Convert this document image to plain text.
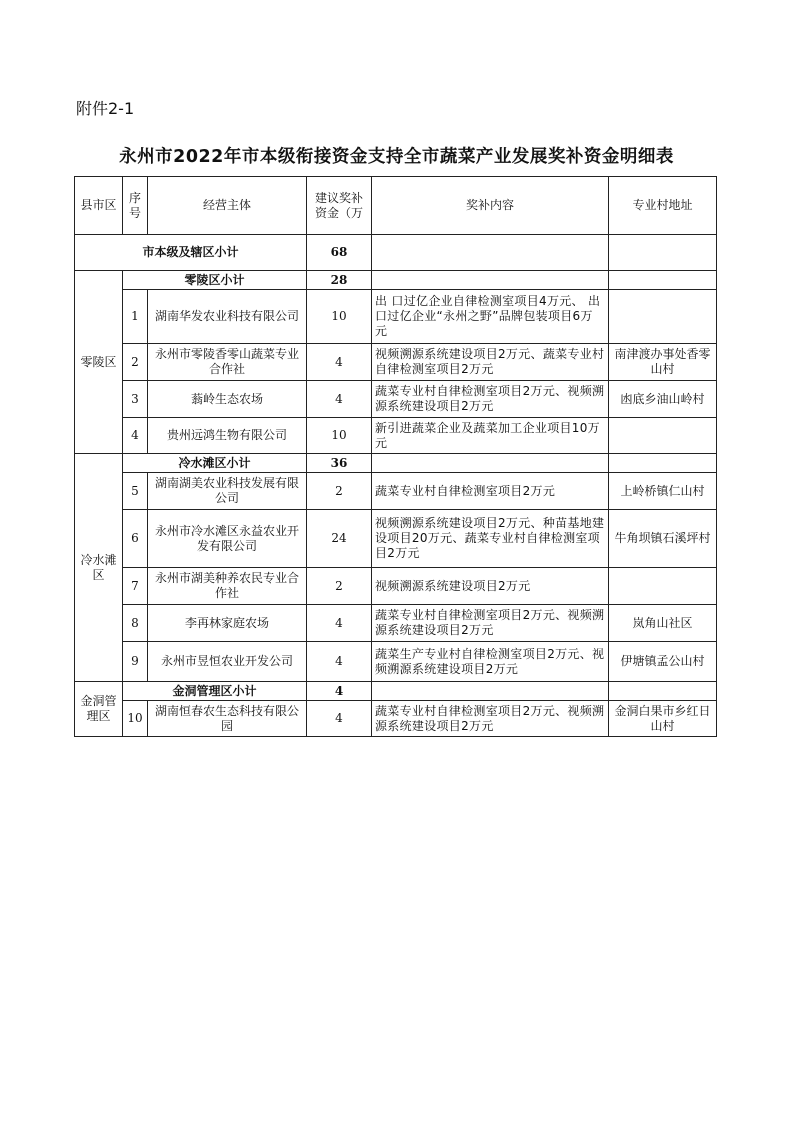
附件2-1
永州市2022年市本级衔接资金支持全市蔬菜产业发展奖补资金明细表
县市区	序号	经营主体	建议奖补资金（万	奖补内容	专业村地址
市本级及辖区小计			68		
零陵区	零陵区小计		28		
	1	湖南华发农业科技有限公司	10	出 口过亿企业自律检测室项目4万元、 出 口过亿企业“永州之野”品牌包装项目6万元	
	2	永州市零陵香零山蔬菜专业合作社	4	视频溯源系统建设项目2万元、蔬菜专业村自律检测室项目2万元	南津渡办事处香零山村
	3	蓊岭生态农场	4	蔬菜专业村自律检测室项目2万元、视频溯源系统建设项目2万元	凼底乡油山岭村
	4	贵州远鸿生物有限公司	10	新引进蔬菜企业及蔬菜加工企业项目10万元	
冷水滩区	冷水滩区小计		36		
	5	湖南湖美农业科技发展有限公司	2	蔬菜专业村自律检测室项目2万元	上岭桥镇仁山村
	6	永州市冷水滩区永益农业开发有限公司	24	视频溯源系统建设项目2万元、种苗基地建设项目20万元、蔬菜专业村自律检测室项目2万元	牛角坝镇石溪坪村
	7	永州市湖美种养农民专业合作社	2	视频溯源系统建设项目2万元	
	8	李再林家庭农场	4	蔬菜专业村自律检测室项目2万元、视频溯源系统建设项目2万元	岚角山社区
	9	永州市昱恒农业开发公司	4	蔬菜生产专业村自律检测室项目2万元、视频溯源系统建设项目2万元	伊塘镇孟公山村
金洞管理区	金洞管理区小计		4		
	10	湖南恒春农生态科技有限公园	4	蔬菜专业村自律检测室项目2万元、视频溯源系统建设项目2万元	金洞白果市乡红日山村
